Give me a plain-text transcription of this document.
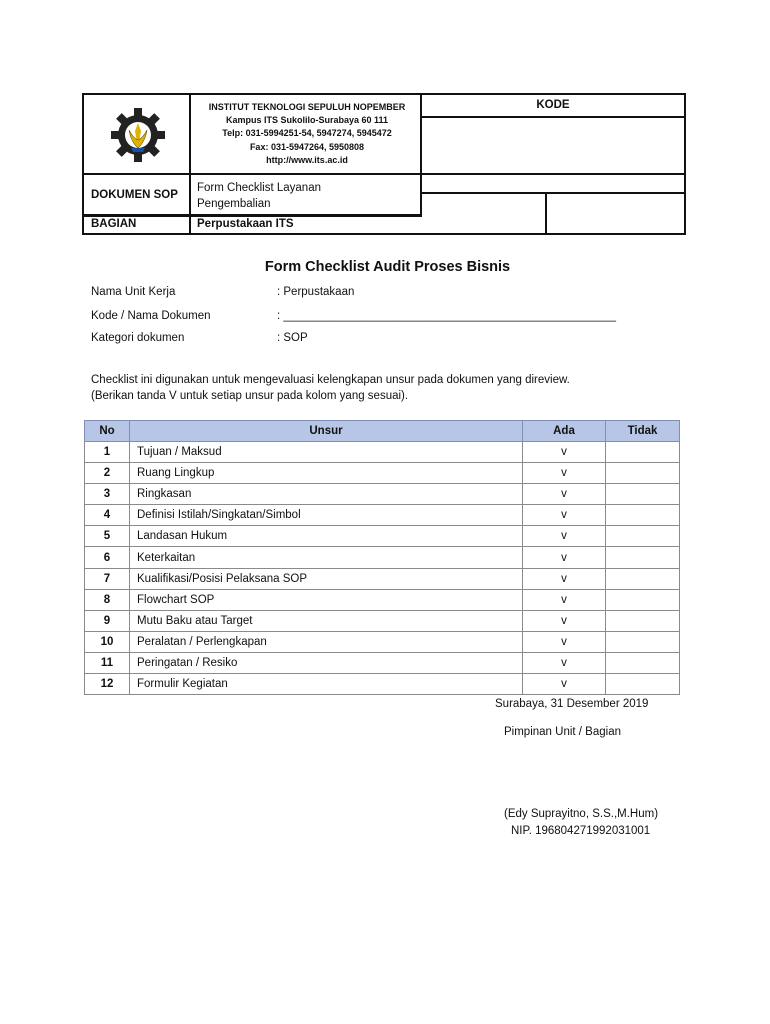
INSTITUT TEKNOLOGI SEPULUH NOPEMBER
Kampus ITS Sukolilo-Surabaya 60 111
Telp: 031-5994251-54, 5947274, 5945472
Fax: 031-5947264, 5950808
http://www.its.ac.id
KODE
DOKUMEN SOP
Form Checklist Layanan
Pengembalian
BAGIAN	Perpustakaan ITS
Form Checklist Audit Proses Bisnis
Nama Unit Kerja	: Perpustakaan
Kode / Nama Dokumen	: ____________________________________________________
Kategori dokumen	: SOP
Checklist ini digunakan untuk mengevaluasi kelengkapan unsur pada dokumen yang direview.
(Berikan tanda V untuk setiap unsur pada kolom yang sesuai).
No	Unsur	Ada	Tidak
1	Tujuan / Maksud	v	
2	Ruang Lingkup	v	
3	Ringkasan	v	
4	Definisi Istilah/Singkatan/Simbol	v	
5	Landasan Hukum	v	
6	Keterkaitan	v	
7	Kualifikasi/Posisi Pelaksana SOP	v	
8	Flowchart SOP	v	
9	Mutu Baku atau Target	v	
10	Peralatan / Perlengkapan	v	
11	Peringatan / Resiko	v	
12	Formulir Kegiatan	v	
Surabaya, 31 Desember 2019
Pimpinan Unit / Bagian
(Edy Suprayitno, S.S.,M.Hum)
NIP. 196804271992031001
